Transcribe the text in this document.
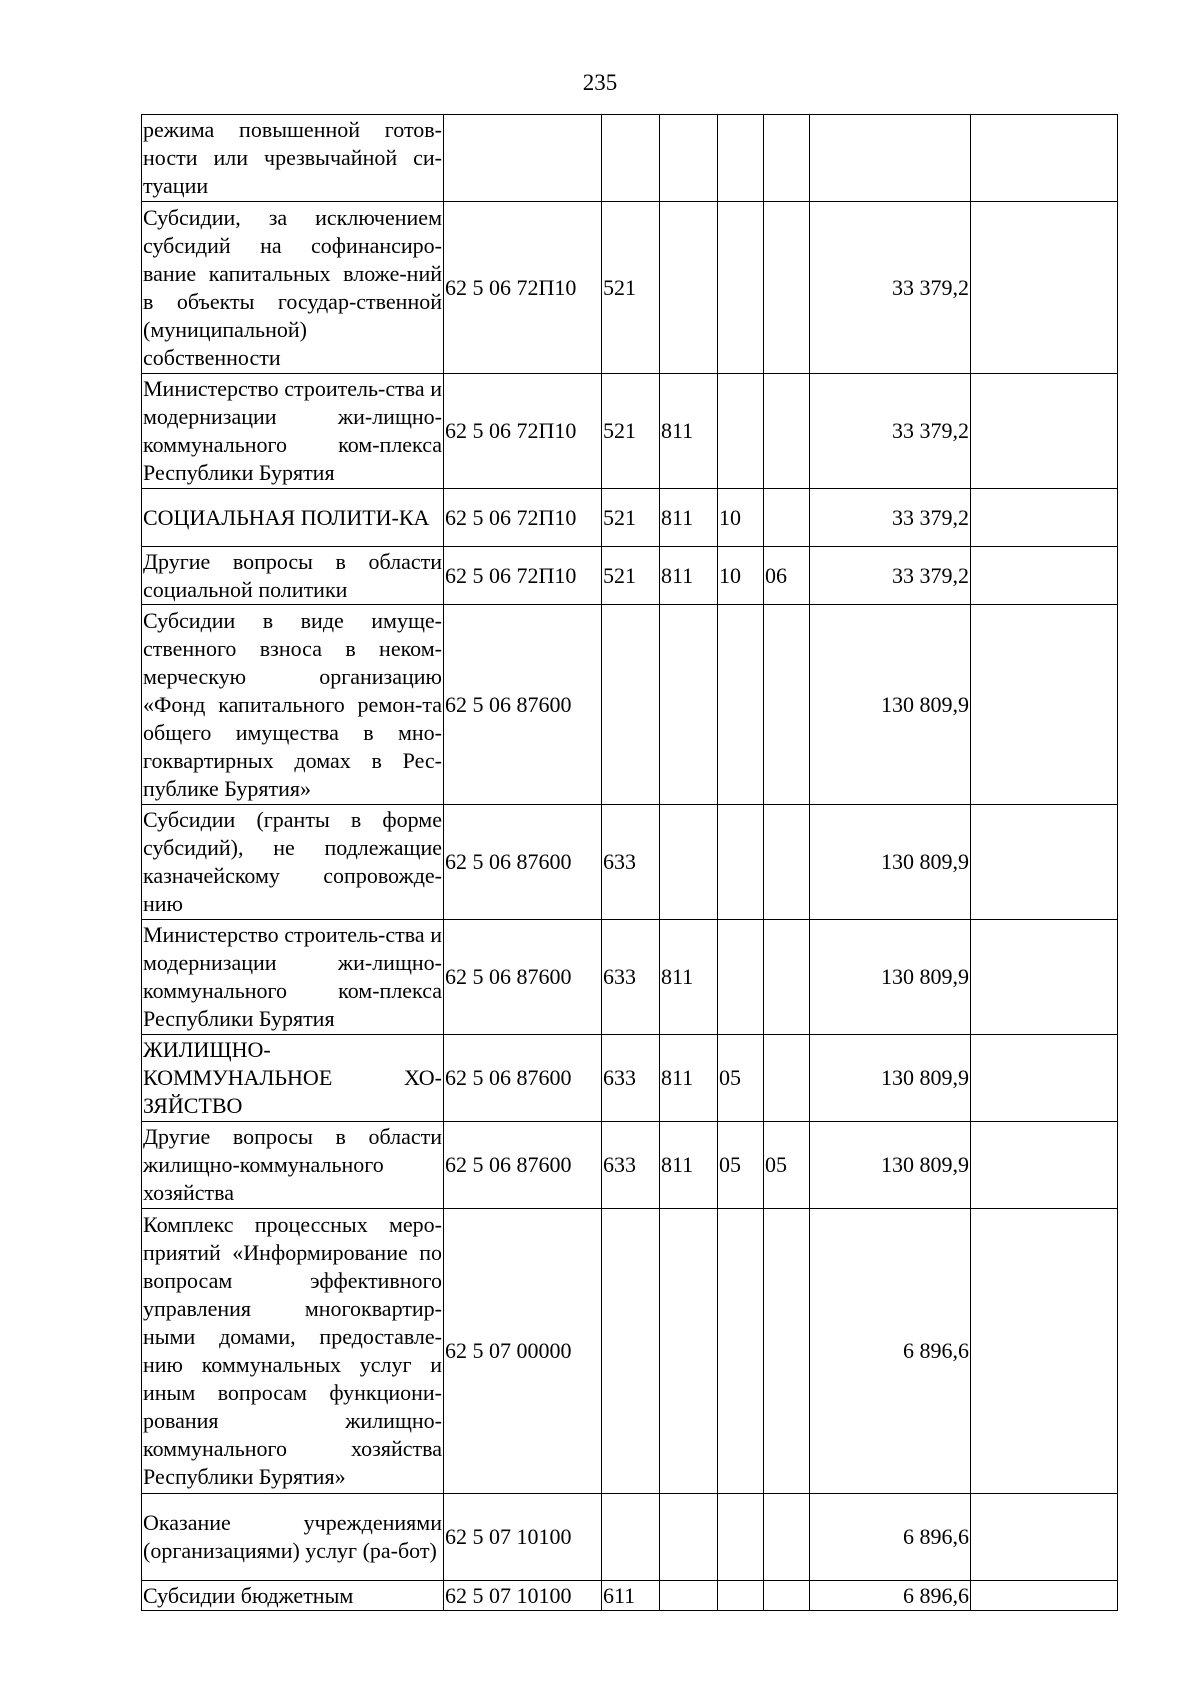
235
режима повышенной готов-ности или чрезвычайной си-туации							
Субсидии, за исключением субсидий на софинансиро-вание капитальных вложе-ний в объекты государ-ственной (муниципальной) собственности	62 5 06 72П10	521				33 379,2	
Министерство строитель-ства и модернизации жи-лищно-коммунального ком-плекса Республики Бурятия	62 5 06 72П10	521	811			33 379,2	
СОЦИАЛЬНАЯ ПОЛИТИ-КА	62 5 06 72П10	521	811	10		33 379,2	
Другие вопросы в области социальной политики	62 5 06 72П10	521	811	10	06	33 379,2	
Субсидии в виде имуще-ственного взноса в неком-мерческую организацию «Фонд капитального ремон-та общего имущества в мно-гоквартирных домах в Рес-публике Бурятия»	62 5 06 87600					130 809,9	
Субсидии (гранты в форме субсидий), не подлежащие казначейскому сопровожде-нию	62 5 06 87600	633				130 809,9	
Министерство строитель-ства и модернизации жи-лищно-коммунального ком-плекса Республики Бурятия	62 5 06 87600	633	811			130 809,9	
ЖИЛИЩНО-КОММУНАЛЬНОЕ ХО-ЗЯЙСТВО	62 5 06 87600	633	811	05		130 809,9	
Другие вопросы в области жилищно-коммунального хозяйства	62 5 06 87600	633	811	05	05	130 809,9	
Комплекс процессных меро-приятий «Информирование по вопросам эффективного управления многоквартир-ными домами, предоставле-нию коммунальных услуг и иным вопросам функциони-рования жилищно-коммунального хозяйства Республики Бурятия»	62 5 07 00000					6 896,6	
Оказание учреждениями (организациями) услуг (ра-бот)	62 5 07 10100					6 896,6	
Субсидии бюджетным	62 5 07 10100	611				6 896,6	
